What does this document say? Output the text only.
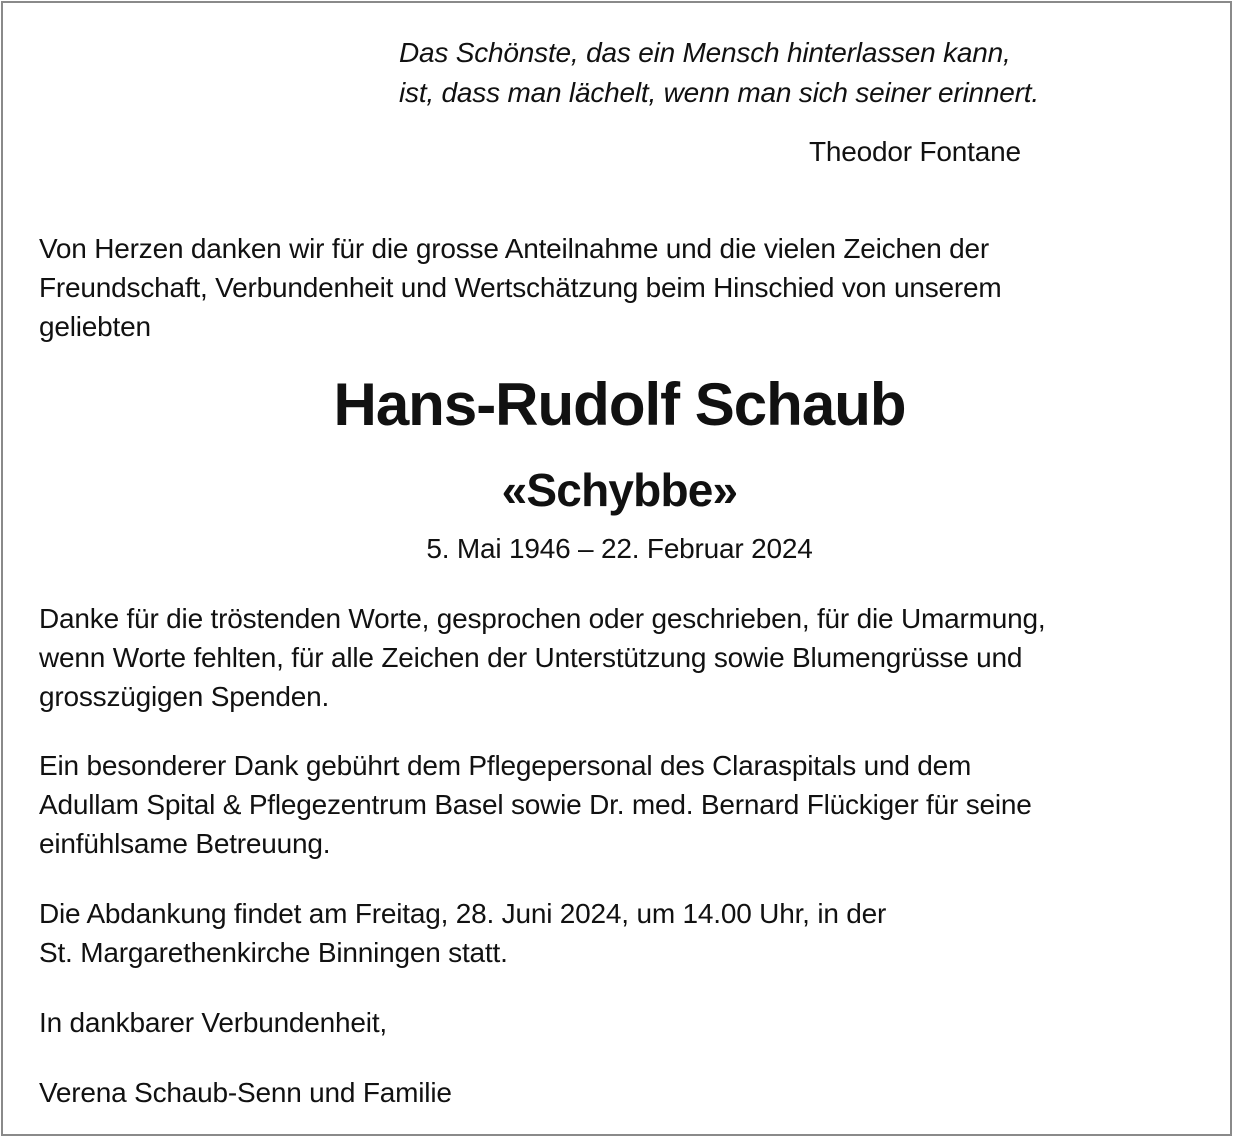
Das Schönste, das ein Mensch hinterlassen kann,
ist, dass man lächelt, wenn man sich seiner erinnert.
Theodor Fontane
Von Herzen danken wir für die grosse Anteilnahme und die vielen Zeichen der
Freundschaft, Verbundenheit und Wertschätzung beim Hinschied von unserem
geliebten
Hans-Rudolf Schaub
«Schybbe»
5. Mai 1946 – 22. Februar 2024
Danke für die tröstenden Worte, gesprochen oder geschrieben, für die Umarmung,
wenn Worte fehlten, für alle Zeichen der Unterstützung sowie Blumengrüsse und
grosszügigen Spenden.
Ein besonderer Dank gebührt dem Pflegepersonal des Claraspitals und dem
Adullam Spital & Pflegezentrum Basel sowie Dr. med. Bernard Flückiger für seine
einfühlsame Betreuung.
Die Abdankung findet am Freitag, 28. Juni 2024, um 14.00 Uhr, in der
St. Margarethenkirche Binningen statt.
In dankbarer Verbundenheit,
Verena Schaub-Senn und Familie
